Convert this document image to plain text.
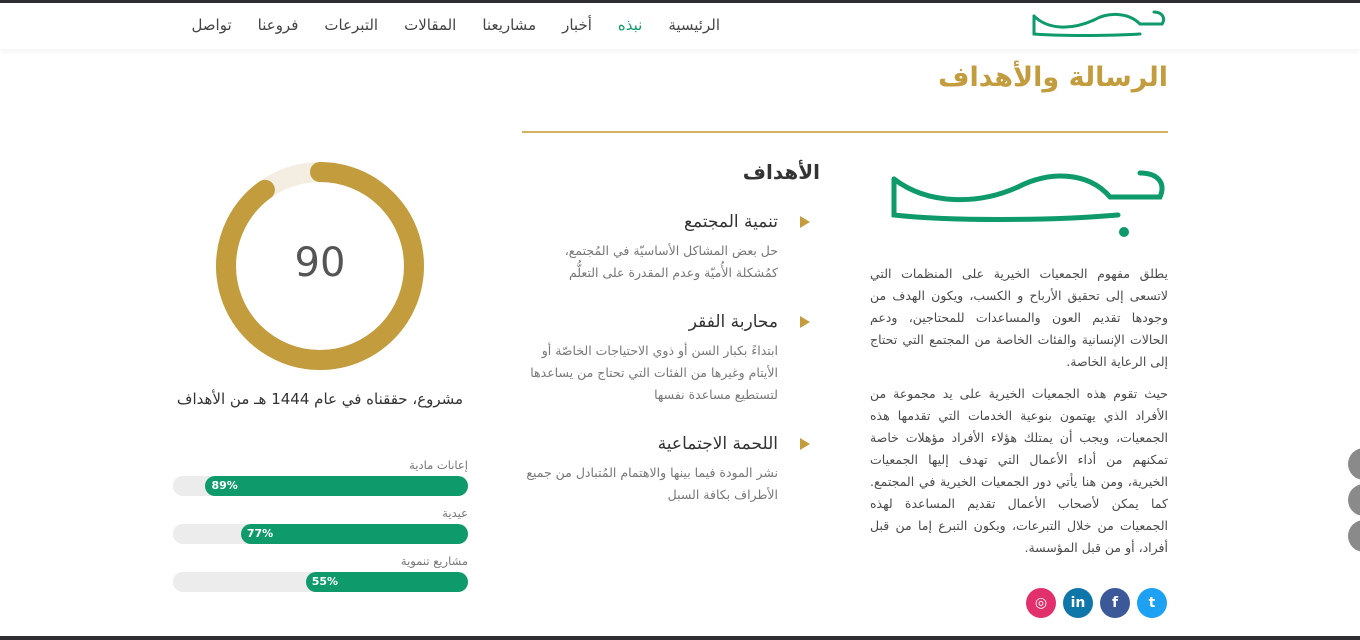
الرئيسية
نبذه
أخبار
مشاريعنا
المقالات
التبرعات
فروعنا
تواصل
الرسالة والأهداف

يطلق مفهوم الجمعيات الخيرية على المنظمات التي لاتسعى إلى تحقيق الأرباح و الكسب، ويكون الهدف من وجودها تقديم العون والمساعدات للمحتاجين، ودعم الحالات الإنسانية والفئات الخاصة من المجتمع التي تحتاج إلى الرعاية الخاصة.

حيث تقوم هذه الجمعيات الخيرية على يد مجموعة من الأفراد الذي يهتمون بنوعية الخدمات التي تقدمها هذه الجمعيات، ويجب أن يمتلك هؤلاء الأفراد مؤهلات خاصة تمكنهم من أداء الأعمال التي تهدف إليها الجمعيات الخيرية، ومن هنا يأتي دور الجمعيات الخيرية في المجتمع. كما يمكن لأصحاب الأعمال تقديم المساعدة لهذه الجمعيات من خلال التبرعات، ويكون التبرع إما من قبل أفراد، أو من قبل المؤسسة.

t
f
in
◎
الأهداف
تنمية المجتمع

حل بعض المشاكل الأساسيّة في المُجتمع، كمُشكلة الأُميّة وعدم المقدرة على التعلُّم

محاربة الفقر

ابتداءً بكبار السن أو ذوي الاحتياجات الخاصّة أو الأيتام وغيرها من الفئات التي تحتاج من يساعدها لتستطيع مساعدة نفسها

اللحمة الاجتماعية

نشر المودة فيما بينها والاهتمام المُتبادل من جميع الأطراف بكافة السبل

90
مشروع، حققناه في عام 1444 هـ من الأهداف
إعانات مادية
89%
عيدية
77%
مشاريع تنموية
55%
